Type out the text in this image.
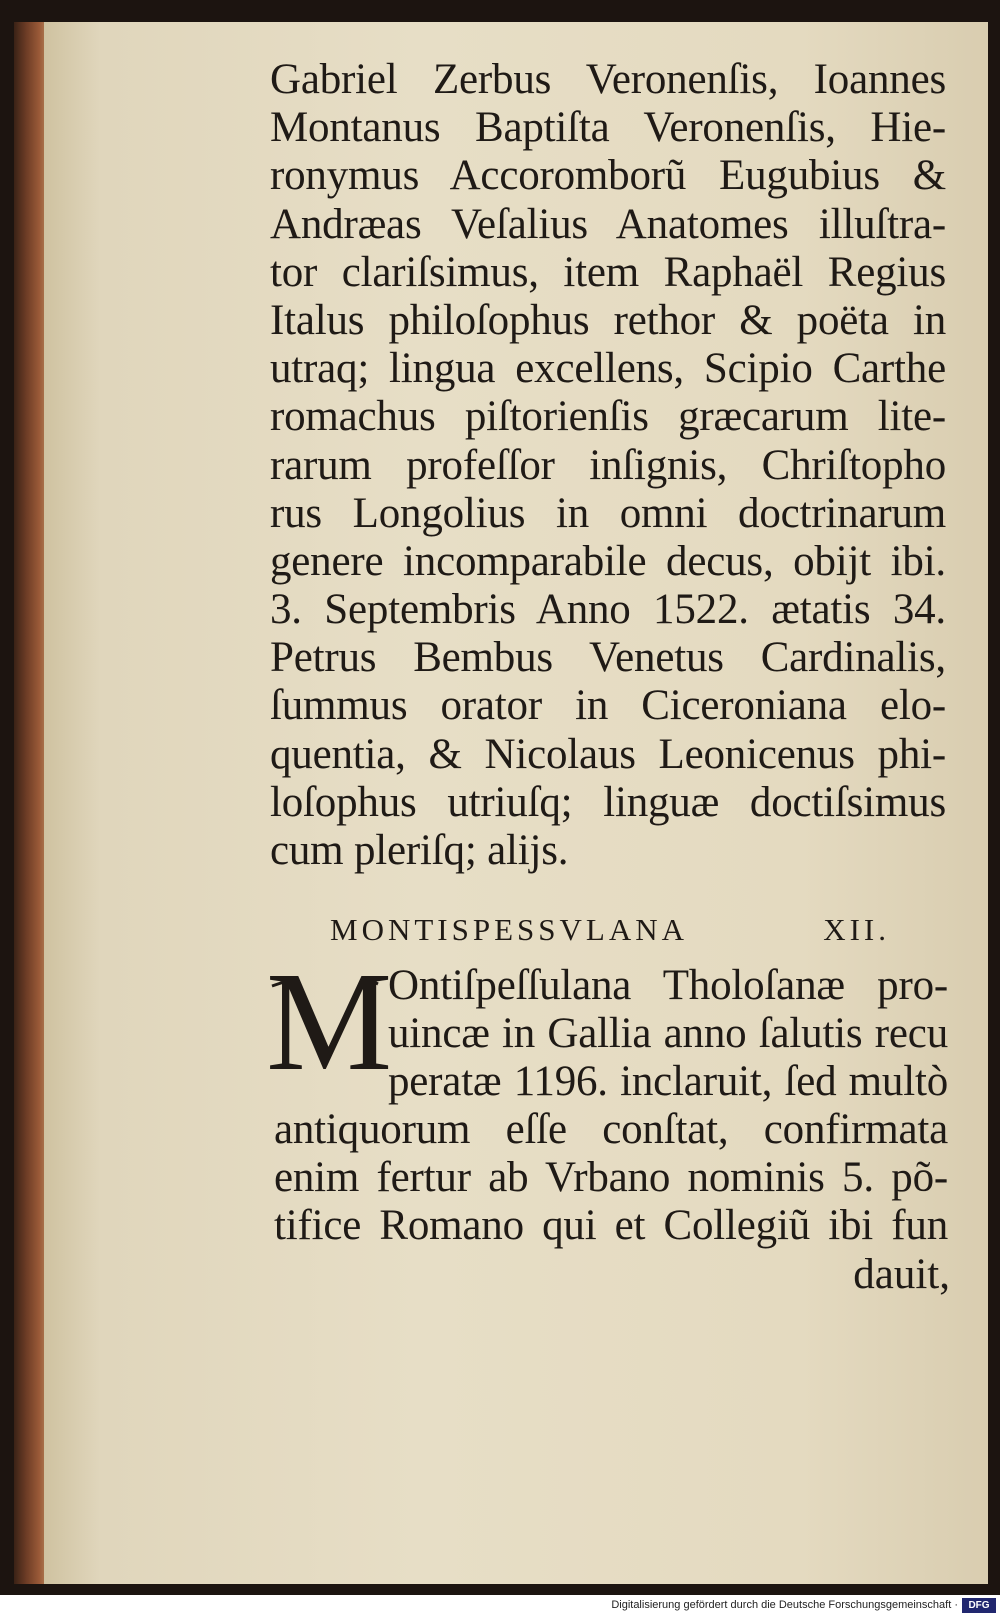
Gabriel Zerbus Veronenſis, Ioannes
Montanus Baptiſta Veronenſis, Hie-
ronymus Accoromborũ Eugubius &
Andræas Veſalius Anatomes illuſtra-
tor clariſsimus, item Raphaël Regius
Italus philoſophus rethor & poëta in
utraq; lingua excellens, Scipio Carthe
romachus piſtorienſis græcarum lite-
rarum profeſſor inſignis, Chriſtopho
rus Longolius in omni doctrinarum
genere incomparabile decus, obijt ibi.
3. Septembris Anno 1522. ætatis 34.
Petrus Bembus Venetus Cardinalis,
ſummus orator in Ciceroniana elo-
quentia, & Nicolaus Leonicenus phi-
loſophus utriuſq; linguæ doctiſsimus
cum pleriſq; alijs.
MONTISPESSVLANA	XII.
M
Ontiſpeſſulana Tholoſanæ pro-
uincæ in Gallia anno ſalutis recu
peratæ 1196. inclaruit, ſed multò
antiquorum eſſe conſtat, confirmata
enim fertur ab Vrbano nominis 5. põ-
tifice Romano qui et Collegiũ ibi fun
dauit,
Digitalisierung gefördert durch die Deutsche Forschungsgemeinschaft ·	DFG
